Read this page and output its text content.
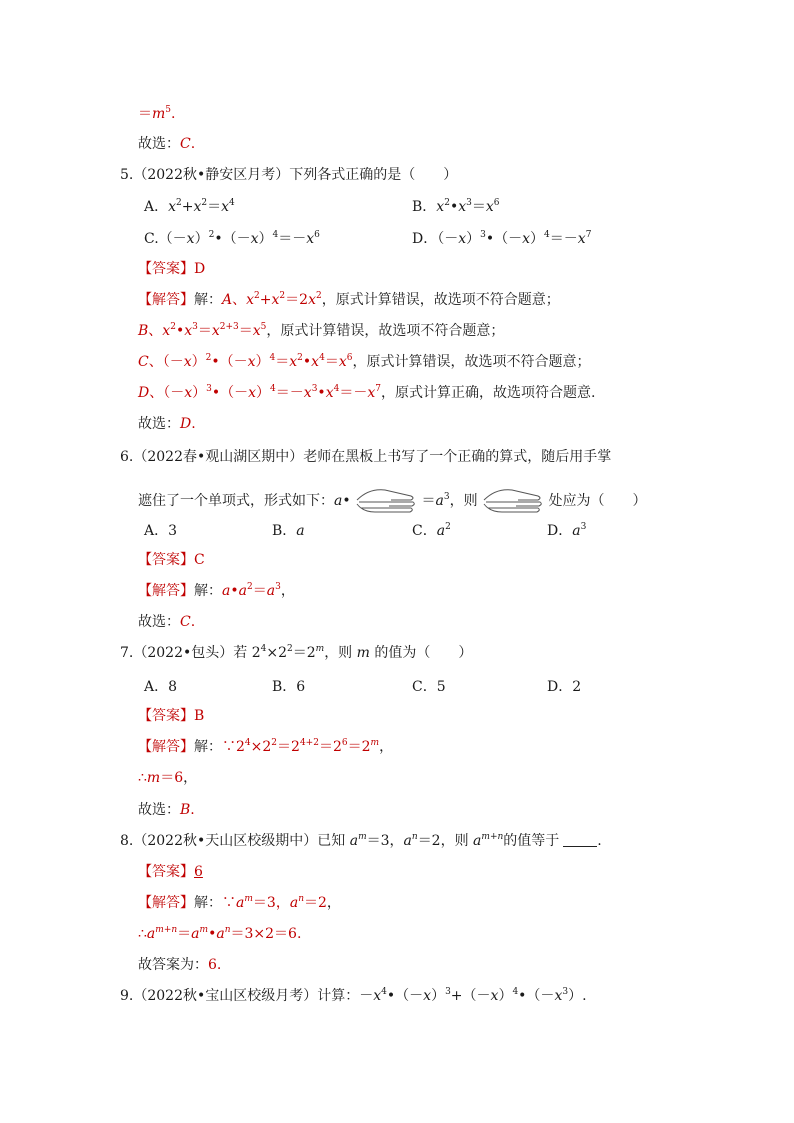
$=m^5$.
故选：C.
5.（2022秋•静安区月考）下列各式正确的是（　　）
A．$x^2+x^2=x^4$	B．$x^2•x^3=x^6$
$C.(-x)^2•(-x)^4=-x^6$	D．$(-x)^3•(-x)^4=-x^7$
【答案】D
【解答】解：A、$x^2+x^2=2x^2$，原式计算错误，故选项不符合题意；
B、$x^2•x^3=x^{2+3}=x^5$，原式计算错误，故选项不符合题意；
C、$(-x)^2•(-x)^4=x^2•x^4=x^6$，原式计算错误，故选项不符合题意；
D、$(-x)^3•(-x)^4=-x^3•x^4=-x^7$，原式计算正确，故选项符合题意.
故选：D.
6.（2022春•观山湖区期中）老师在黑板上书写了一个正确的算式，随后用手掌
遮住了一个单项式，形式如下：a•	$=a^3$，则	处应为（　　）
A．3	B．a	C．$a^2$	D．$a^3$
【答案】C
【解答】解：$a•a^2=a^3$，
故选：C.
7.（2022•包头）若 $2^4\times 2^2=2^m$，则 m 的值为（　　）
A．8	B．6	C．5	D．2
【答案】B
【解答】解：$\because 2^4\times 2^2=2^{4+2}=2^6=2^m$，
∴m＝6，
故选：B.
8.（2022秋•天山区校级期中）已知 $a^m=3$，$a^n=2$，则 $a^{m+n}$的值等于	.
【答案】6
【解答】解：$\because a^m=3$，$a^n=2$，
$\therefore a^{m+n}=a^m•a^n=3\times 2=6$.
故答案为：6.
9.（2022秋•宝山区校级月考）计算：$-x^4•(-x)^3+(-x)^4•(-x^3)$.
